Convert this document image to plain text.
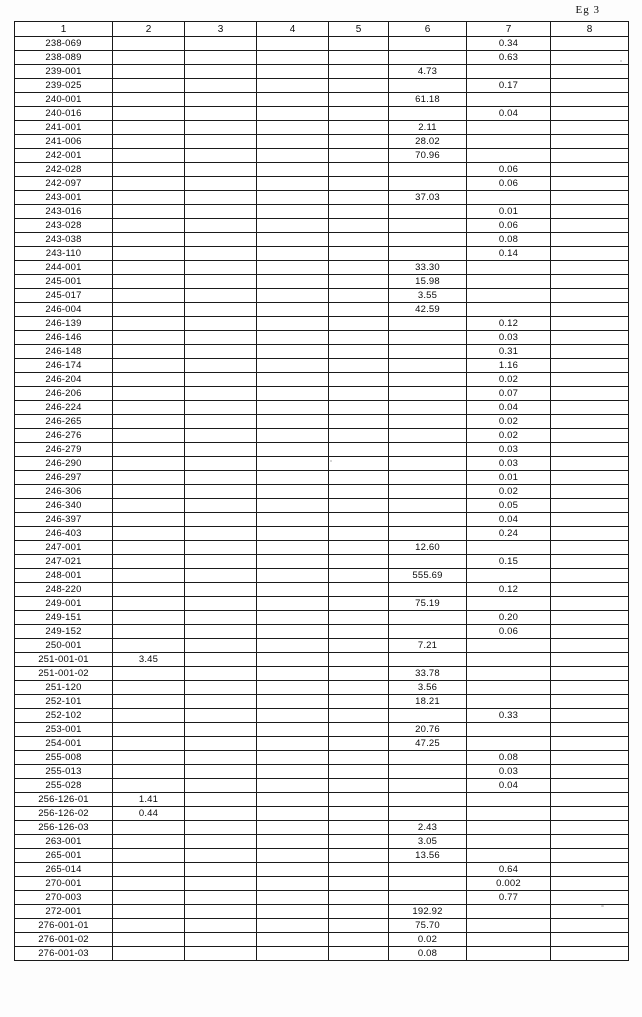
Eg 3
1	2	3	4	5	6	7	8
238-069						0.34	
238-089						0.63	
239-001					4.73		
239-025						0.17	
240-001					61.18		
240-016						0.04	
241-001					2.11		
241-006					28.02		
242-001					70.96		
242-028						0.06	
242-097						0.06	
243-001					37.03		
243-016						0.01	
243-028						0.06	
243-038						0.08	
243-110						0.14	
244-001					33.30		
245-001					15.98		
245-017					3.55		
246-004					42.59		
246-139						0.12	
246-146						0.03	
246-148						0.31	
246-174						1.16	
246-204						0.02	
246-206						0.07	
246-224						0.04	
246-265						0.02	
246-276						0.02	
246-279						0.03	
246-290						0.03	
246-297						0.01	
246-306						0.02	
246-340						0.05	
246-397						0.04	
246-403						0.24	
247-001					12.60		
247-021						0.15	
248-001					555.69		
248-220						0.12	
249-001					75.19		
249-151						0.20	
249-152						0.06	
250-001					7.21		
251-001-01	3.45						
251-001-02					33.78		
251-120					3.56		
252-101					18.21		
252-102						0.33	
253-001					20.76		
254-001					47.25		
255-008						0.08	
255-013						0.03	
255-028						0.04	
256-126-01	1.41						
256-126-02	0.44						
256-126-03					2.43		
263-001					3.05		
265-001					13.56		
265-014						0.64	
270-001						0.002	
270-003						0.77	
272-001					192.92		
276-001-01					75.70		
276-001-02					0.02		
276-001-03					0.08		
